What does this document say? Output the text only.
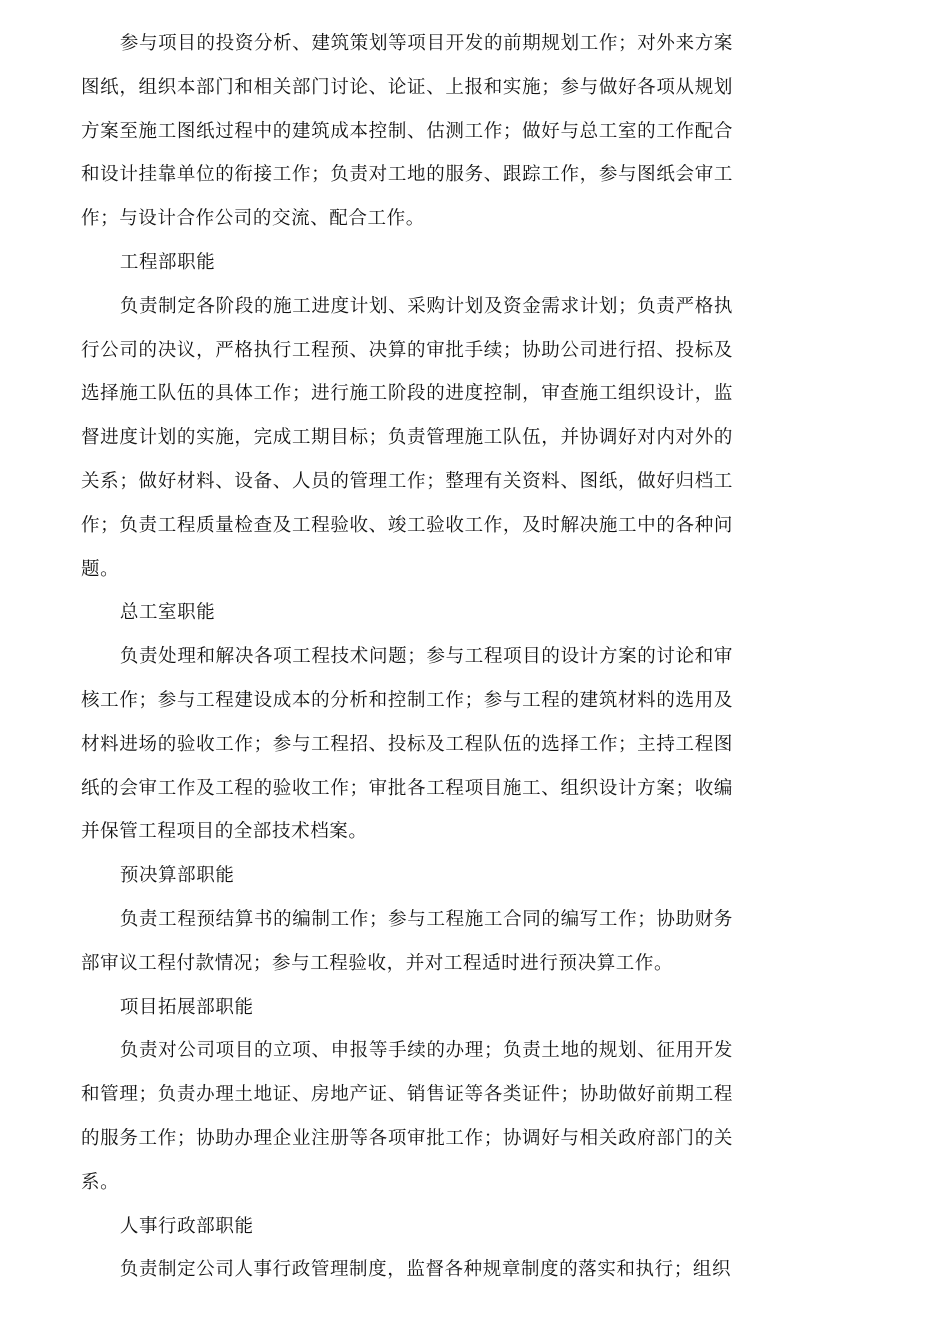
参与项目的投资分析、建筑策划等项目开发的前期规划工作；对外来方案图纸，组织本部门和相关部门讨论、论证、上报和实施；参与做好各项从规划方案至施工图纸过程中的建筑成本控制、估测工作；做好与总工室的工作配合和设计挂靠单位的衔接工作；负责对工地的服务、跟踪工作，参与图纸会审工作；与设计合作公司的交流、配合工作。

工程部职能

负责制定各阶段的施工进度计划、采购计划及资金需求计划；负责严格执行公司的决议，严格执行工程预、决算的审批手续；协助公司进行招、投标及选择施工队伍的具体工作；进行施工阶段的进度控制，审查施工组织设计，监督进度计划的实施，完成工期目标；负责管理施工队伍，并协调好对内对外的关系；做好材料、设备、人员的管理工作；整理有关资料、图纸，做好归档工作；负责工程质量检查及工程验收、竣工验收工作，及时解决施工中的各种问题。

总工室职能

负责处理和解决各项工程技术问题；参与工程项目的设计方案的讨论和审核工作；参与工程建设成本的分析和控制工作；参与工程的建筑材料的选用及材料进场的验收工作；参与工程招、投标及工程队伍的选择工作；主持工程图纸的会审工作及工程的验收工作；审批各工程项目施工、组织设计方案；收编并保管工程项目的全部技术档案。

预决算部职能

负责工程预结算书的编制工作；参与工程施工合同的编写工作；协助财务部审议工程付款情况；参与工程验收，并对工程适时进行预决算工作。

项目拓展部职能

负责对公司项目的立项、申报等手续的办理；负责土地的规划、征用开发和管理；负责办理土地证、房地产证、销售证等各类证件；协助做好前期工程的服务工作；协助办理企业注册等各项审批工作；协调好与相关政府部门的关系。

人事行政部职能

负责制定公司人事行政管理制度，监督各种规章制度的落实和执行；组织
